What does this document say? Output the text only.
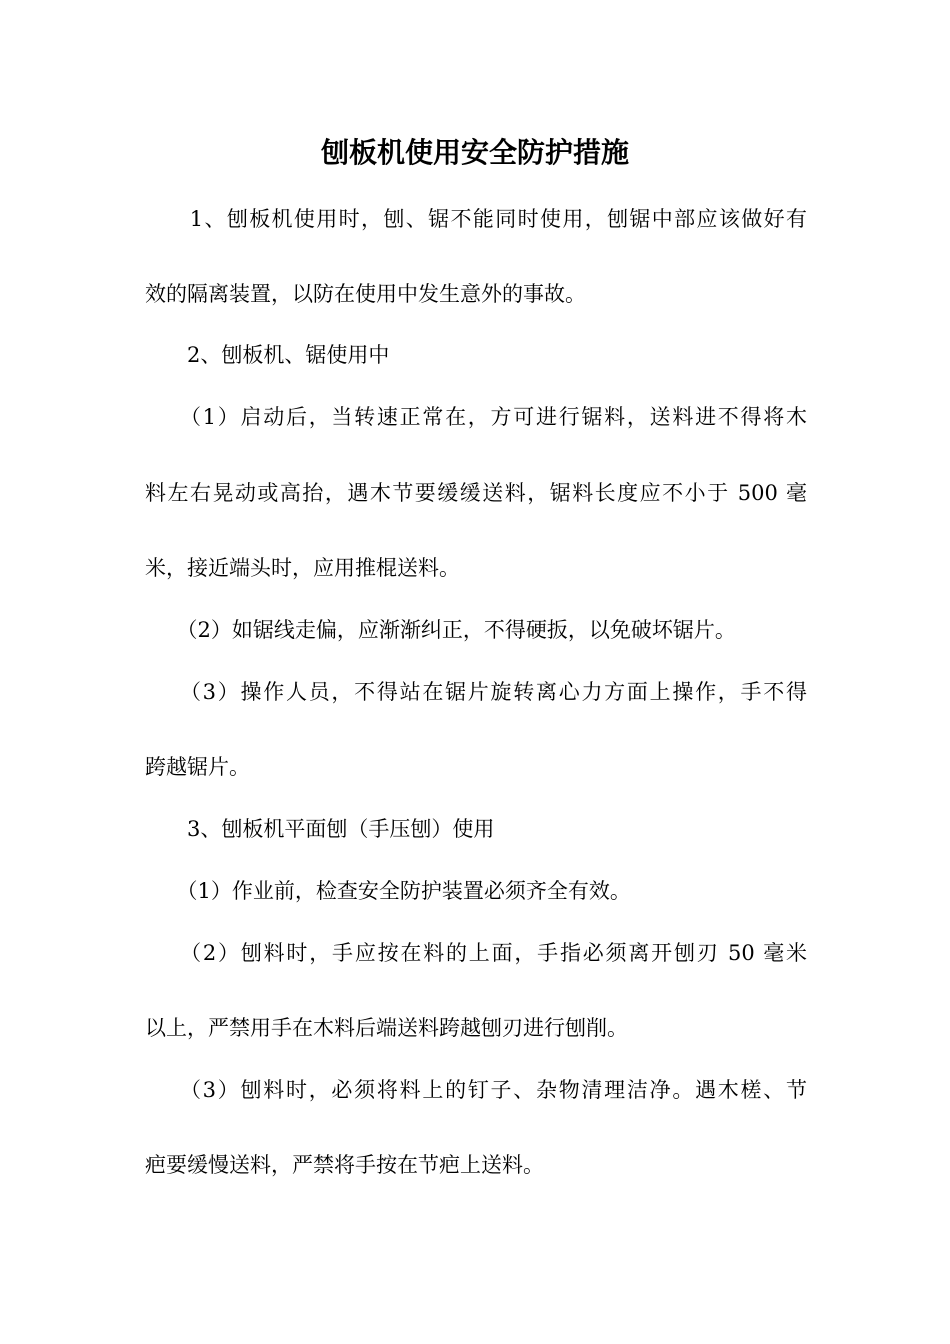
刨板机使用安全防护措施
　　1、刨板机使用时，刨、锯不能同时使用，刨锯中部应该做好有
效的隔离装置，以防在使用中发生意外的事故。
　　2、刨板机、锯使用中
　　（1）启动后，当转速正常在，方可进行锯料，送料进不得将木
料左右晃动或高抬，遇木节要缓缓送料，锯料长度应不小于 500 毫
米，接近端头时，应用推棍送料。
　　（2）如锯线走偏，应渐渐纠正，不得硬扳，以免破坏锯片。
　　（3）操作人员，不得站在锯片旋转离心力方面上操作，手不得
跨越锯片。
　　3、刨板机平面刨（手压刨）使用
　　（1）作业前，检查安全防护装置必须齐全有效。
　　（2）刨料时，手应按在料的上面，手指必须离开刨刃 50 毫米
以上，严禁用手在木料后端送料跨越刨刃进行刨削。
　　（3）刨料时，必须将料上的钉子、杂物清理洁净。遇木槎、节
疤要缓慢送料，严禁将手按在节疤上送料。
